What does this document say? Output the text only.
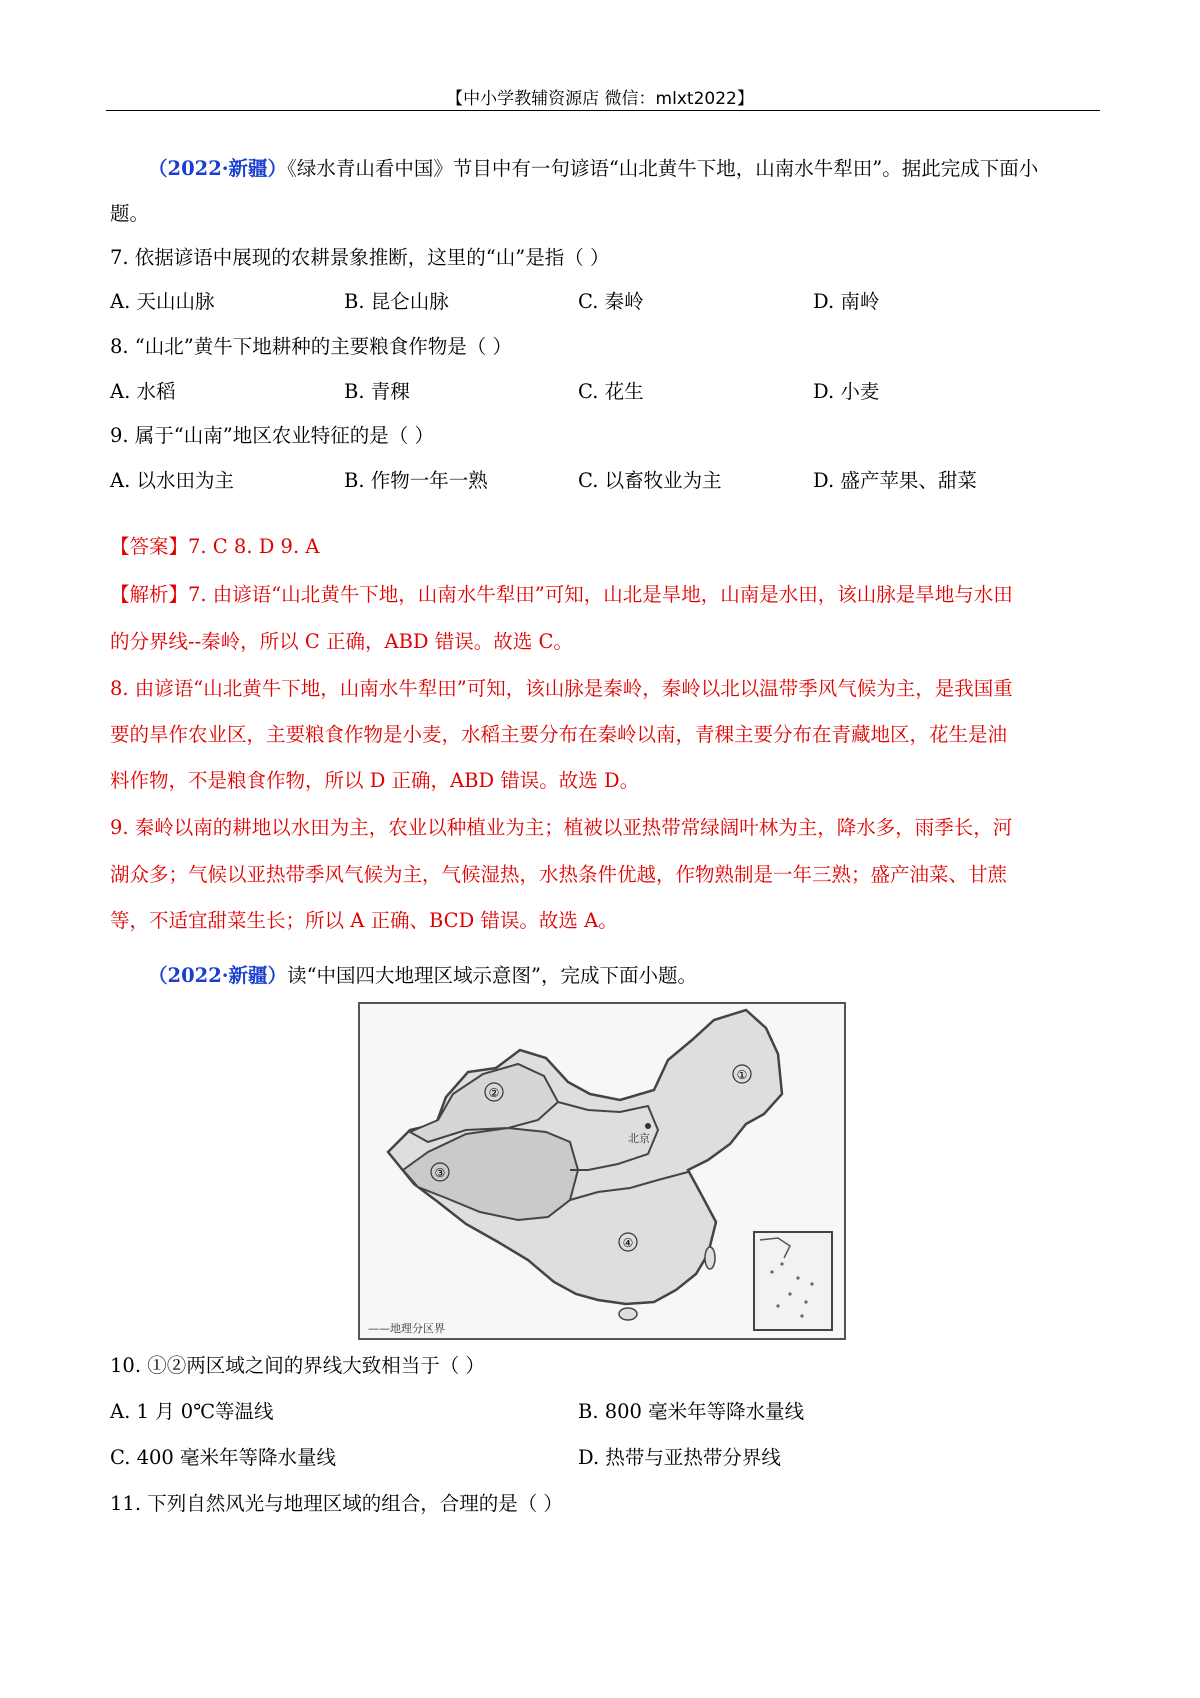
【中小学教辅资源店 微信：mlxt2022】
（2022·新疆）《绿水青山看中国》节目中有一句谚语“山北黄牛下地，山南水牛犁田”。据此完成下面小
题。
7. 依据谚语中展现的农耕景象推断，这里的“山”是指（ ）
A. 天山山脉	B. 昆仑山脉	C. 秦岭	D. 南岭
8. “山北”黄牛下地耕种的主要粮食作物是（ ）
A. 水稻	B. 青稞	C. 花生	D. 小麦
9. 属于“山南”地区农业特征的是（ ）
A. 以水田为主	B. 作物一年一熟	C. 以畜牧业为主	D. 盛产苹果、甜菜
【答案】7. C 8. D 9. A
【解析】7. 由谚语“山北黄牛下地，山南水牛犁田”可知，山北是旱地，山南是水田，该山脉是旱地与水田
的分界线--秦岭，所以 C 正确，ABD 错误。故选 C。
8. 由谚语“山北黄牛下地，山南水牛犁田”可知，该山脉是秦岭，秦岭以北以温带季风气候为主，是我国重
要的旱作农业区，主要粮食作物是小麦，水稻主要分布在秦岭以南，青稞主要分布在青藏地区，花生是油
料作物，不是粮食作物，所以 D 正确，ABD 错误。故选 D。
9. 秦岭以南的耕地以水田为主，农业以种植业为主；植被以亚热带常绿阔叶林为主，降水多，雨季长，河
湖众多；气候以亚热带季风气候为主，气候湿热，水热条件优越，作物熟制是一年三熟；盛产油菜、甘蔗
等，不适宜甜菜生长；所以 A 正确、BCD 错误。故选 A。
（2022·新疆）读“中国四大地理区域示意图”，完成下面小题。
①
②
③
④
北京
——地理分区界
10. ①②两区域之间的界线大致相当于（ ）
A. 1 月 0℃等温线	B. 800 毫米年等降水量线
C. 400 毫米年等降水量线	D. 热带与亚热带分界线
11. 下列自然风光与地理区域的组合，合理的是（ ）
